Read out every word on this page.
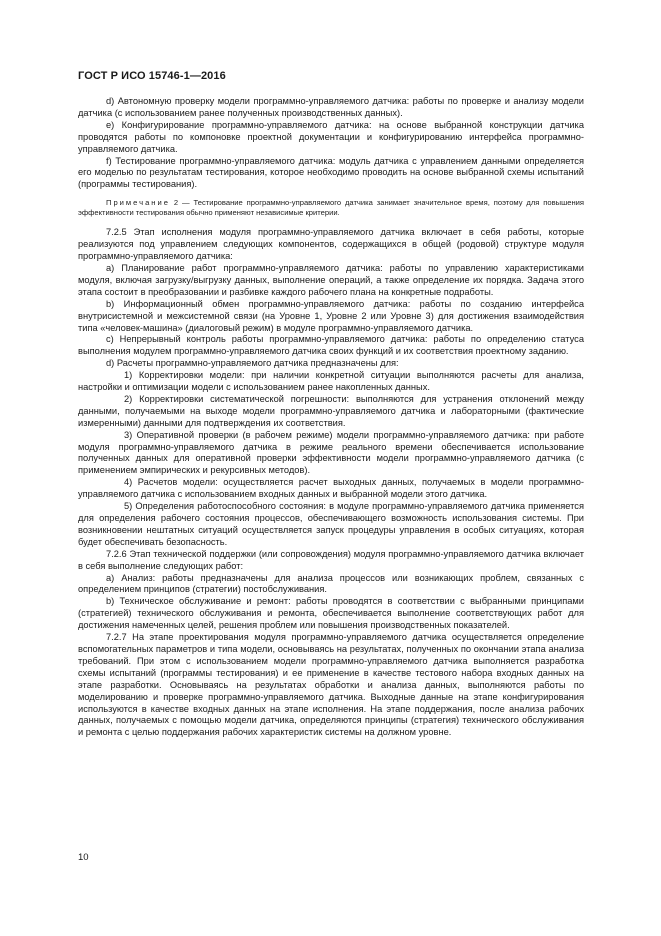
ГОСТ Р ИСО 15746-1—2016

d) Автономную проверку модели программно-управляемого датчика: работы по проверке и анализу модели датчика (с использованием ранее полученных производственных данных).

e) Конфигурирование программно-управляемого датчика: на основе выбранной конструкции датчика проводятся работы по компоновке проектной документации и конфигурированию интерфейса программно-управляемого датчика.

f) Тестирование программно-управляемого датчика: модуль датчика с управлением данными определяется его моделью по результатам тестирования, которое необходимо проводить на основе выбранной схемы испытаний (программы тестирования).

Примечание 2 — Тестирование программно-управляемого датчика занимает значительное время, поэтому для повышения эффективности тестирования обычно применяют независимые критерии.

7.2.5 Этап исполнения модуля программно-управляемого датчика включает в себя работы, которые реализуются под управлением следующих компонентов, содержащихся в общей (родовой) структуре модуля программно-управляемого датчика:

a) Планирование работ программно-управляемого датчика: работы по управлению характеристиками модуля, включая загрузку/выгрузку данных, выполнение операций, а также определение их порядка. Задача этого этапа состоит в преобразовании и разбивке каждого рабочего плана на конкретные подработы.

b) Информационный обмен программно-управляемого датчика: работы по созданию интерфейса внутрисистемной и межсистемной связи (на Уровне 1, Уровне 2 или Уровне 3) для достижения взаимодействия типа «человек-машина» (диалоговый режим) в модуле программно-управляемого датчика.

c) Непрерывный контроль работы программно-управляемого датчика: работы по определению статуса выполнения модулем программно-управляемого датчика своих функций и их соответствия проектному заданию.

d) Расчеты программно-управляемого датчика предназначены для:

1) Корректировки модели: при наличии конкретной ситуации выполняются расчеты для анализа, настройки и оптимизации модели с использованием ранее накопленных данных.

2) Корректировки систематической погрешности: выполняются для устранения отклонений между данными, получаемыми на выходе модели программно-управляемого датчика и лабораторными (фактические измеренными) данными для подтверждения их соответствия.

3) Оперативной проверки (в рабочем режиме) модели программно-управляемого датчика: при работе модуля программно-управляемого датчика в режиме реального времени обеспечивается использование полученных данных для оперативной проверки эффективности модели программно-управляемого датчика (с применением эмпирических и рекурсивных методов).

4) Расчетов модели: осуществляется расчет выходных данных, получаемых в модели программно-управляемого датчика с использованием входных данных и выбранной модели этого датчика.

5) Определения работоспособного состояния: в модуле программно-управляемого датчика применяется для определения рабочего состояния процессов, обеспечивающего возможность использования системы. При возникновении нештатных ситуаций осуществляется запуск процедуры управления в особых ситуациях, которая будет обеспечивать безопасность.

7.2.6 Этап технической поддержки (или сопровождения) модуля программно-управляемого датчика включает в себя выполнение следующих работ:

a) Анализ: работы предназначены для анализа процессов или возникающих проблем, связанных с определением принципов (стратегии) постобслуживания.

b) Техническое обслуживание и ремонт: работы проводятся в соответствии с выбранными принципами (стратегией) технического обслуживания и ремонта, обеспечивается выполнение соответствующих работ для достижения намеченных целей, решения проблем или повышения производственных показателей.

7.2.7 На этапе проектирования модуля программно-управляемого датчика осуществляется определение вспомогательных параметров и типа модели, основываясь на результатах, полученных по окончании этапа анализа требований. При этом с использованием модели программно-управляемого датчика выполняется разработка схемы испытаний (программы тестирования) и ее применение в качестве тестового набора входных данных на этапе разработки. Основываясь на результатах обработки и анализа данных, выполняются работы по моделированию и проверке программно-управляемого датчика. Выходные данные на этапе конфигурирования используются в качестве входных данных на этапе исполнения. На этапе поддержания, после анализа рабочих данных, получаемых с помощью модели датчика, определяются принципы (стратегия) технического обслуживания и ремонта с целью поддержания рабочих характеристик системы на должном уровне.

10
